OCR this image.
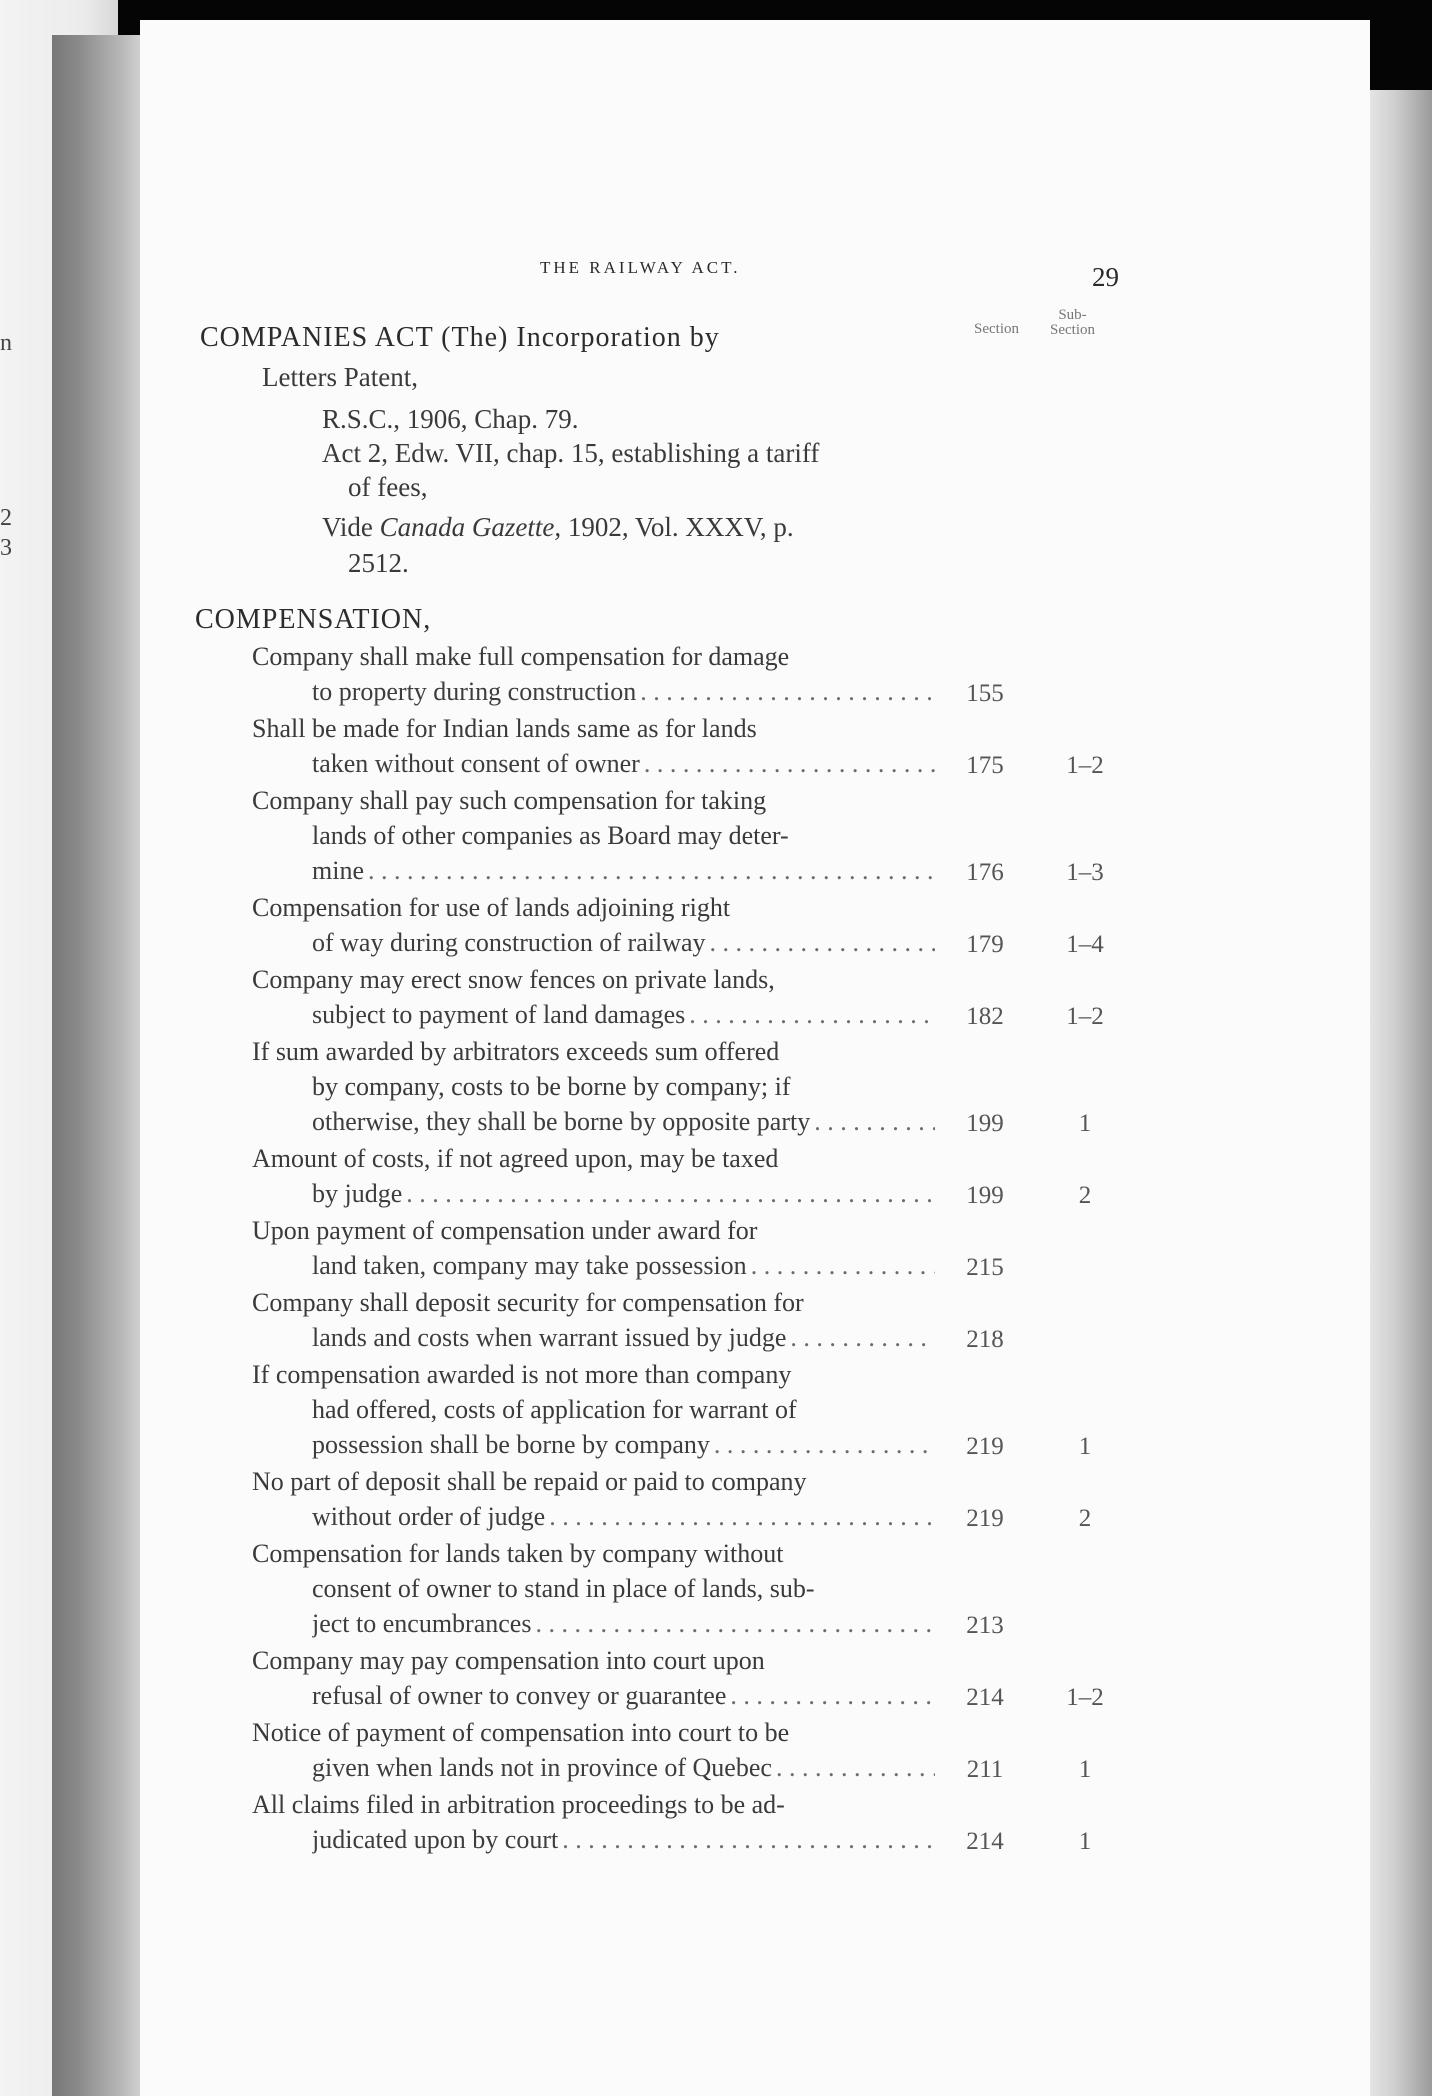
n
2
3
THE RAILWAY ACT.	29
Section
Sub-
Section
COMPANIES ACT (The) Incorporation by
Letters Patent,
R.S.C., 1906, Chap. 79.
Act 2, Edw. VII, chap. 15, establishing a tariff
of fees,
Vide Canada Gazette, 1902, Vol. XXXV, p.
2512.
COMPENSATION,
Company shall make full compensation for damage
to property during construction . . .	155
Shall be made for Indian lands same as for lands
taken without consent of owner . . .	175	1–2
Company shall pay such compensation for taking
lands of other companies as Board may deter-
mine . . .	176	1–3
Compensation for use of lands adjoining right
of way during construction of railway . . .	179	1–4
Company may erect snow fences on private lands,
subject to payment of land damages . . .	182	1–2
If sum awarded by arbitrators exceeds sum offered
by company, costs to be borne by company; if
otherwise, they shall be borne by opposite party . . .	199	1
Amount of costs, if not agreed upon, may be taxed
by judge . . .	199	2
Upon payment of compensation under award for
land taken, company may take possession . . .	215
Company shall deposit security for compensation for
lands and costs when warrant issued by judge . . .	218
If compensation awarded is not more than company
had offered, costs of application for warrant of
possession shall be borne by company . . .	219	1
No part of deposit shall be repaid or paid to company
without order of judge . . .	219	2
Compensation for lands taken by company without
consent of owner to stand in place of lands, sub-
ject to encumbrances . . .	213
Company may pay compensation into court upon
refusal of owner to convey or guarantee . . .	214	1–2
Notice of payment of compensation into court to be
given when lands not in province of Quebec . . .	211	1
All claims filed in arbitration proceedings to be ad-
judicated upon by court . . .	214	1
